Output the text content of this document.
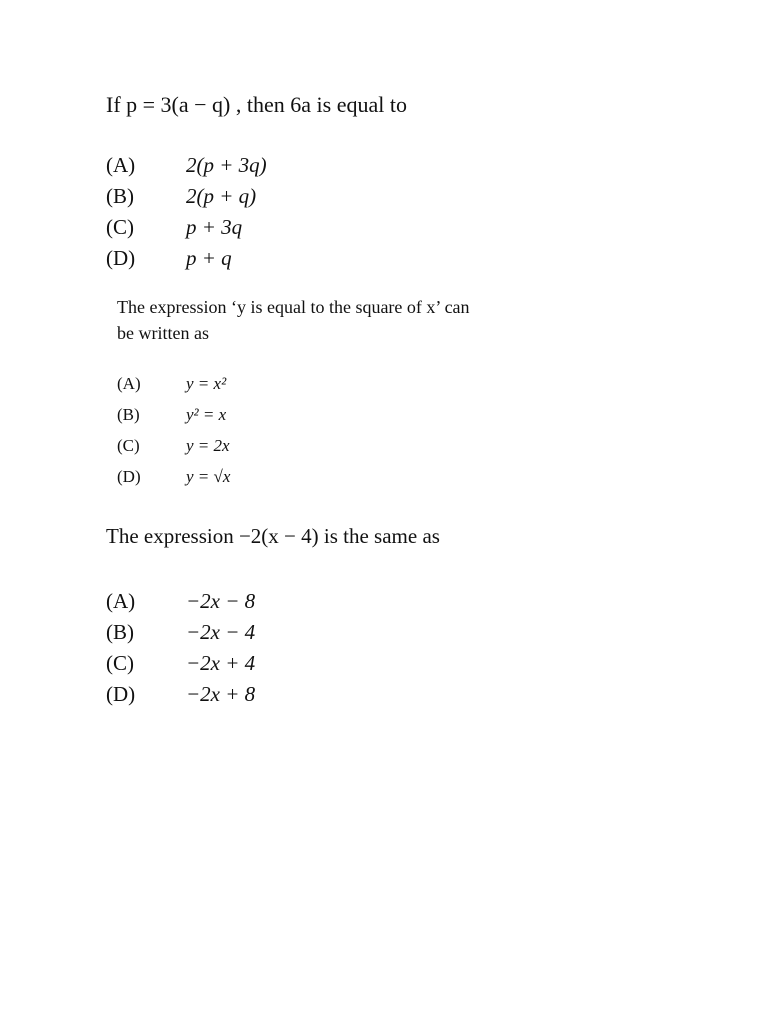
If p = 3(a − q) , then 6a is equal to
(A) 2(p + 3q)
(B) 2(p + q)
(C) p + 3q
(D) p + q
The expression ‘y is equal to the square of x’ can
be written as
(A)	y = x²
(B)	y² = x
(C)	y = 2x
(D)	y = √x
The expression −2(x − 4) is the same as
(A) −2x − 8
(B) −2x − 4
(C) −2x + 4
(D) −2x + 8
